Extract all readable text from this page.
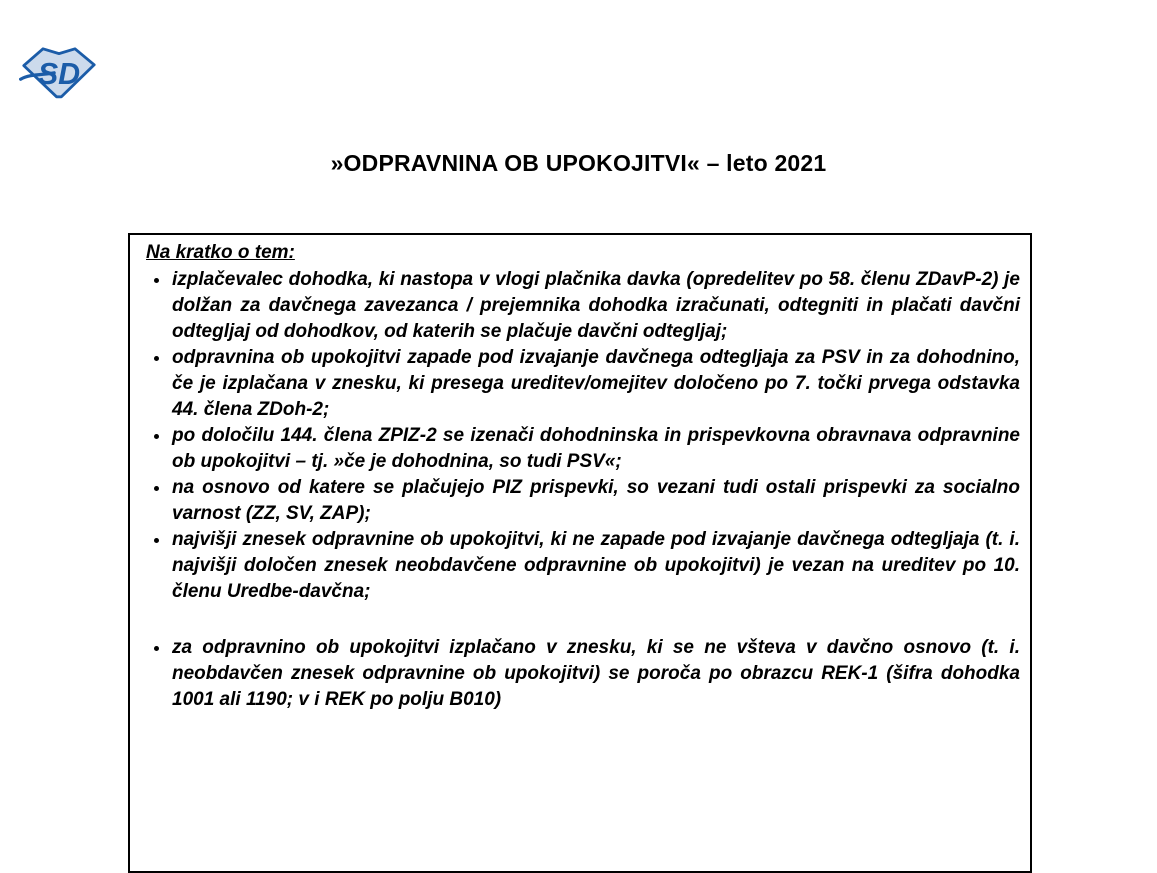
SD
»ODPRAVNINA OB UPOKOJITVI« – leto 2021
Na kratko o tem:
• izplačevalec dohodka, ki nastopa v vlogi plačnika davka (opredelitev po 58. členu ZDavP-2) je dolžan za davčnega zavezanca / prejemnika dohodka izračunati, odtegniti in plačati davčni odtegljaj od dohodkov, od katerih se plačuje davčni odtegljaj;
• odpravnina ob upokojitvi zapade pod izvajanje davčnega odtegljaja za PSV in za dohodnino, če je izplačana v znesku, ki presega ureditev/omejitev določeno po 7. točki prvega odstavka 44. člena ZDoh-2;
• po določilu 144. člena ZPIZ-2 se izenači dohodninska in prispevkovna obravnava odpravnine ob upokojitvi – tj. »če je dohodnina, so tudi PSV«;
• na osnovo od katere se plačujejo PIZ prispevki, so vezani tudi ostali prispevki za socialno varnost (ZZ, SV, ZAP);
• najvišji znesek odpravnine ob upokojitvi, ki ne zapade pod izvajanje davčnega odtegljaja (t. i. najvišji določen znesek neobdavčene odpravnine ob upokojitvi) je vezan na ureditev po 10. členu Uredbe-davčna;
• za odpravnino ob upokojitvi izplačano v znesku, ki se ne všteva v davčno osnovo (t. i. neobdavčen znesek odpravnine ob upokojitvi) se poroča po obrazcu REK-1 (šifra dohodka 1001 ali 1190; v i REK po polju B010)
